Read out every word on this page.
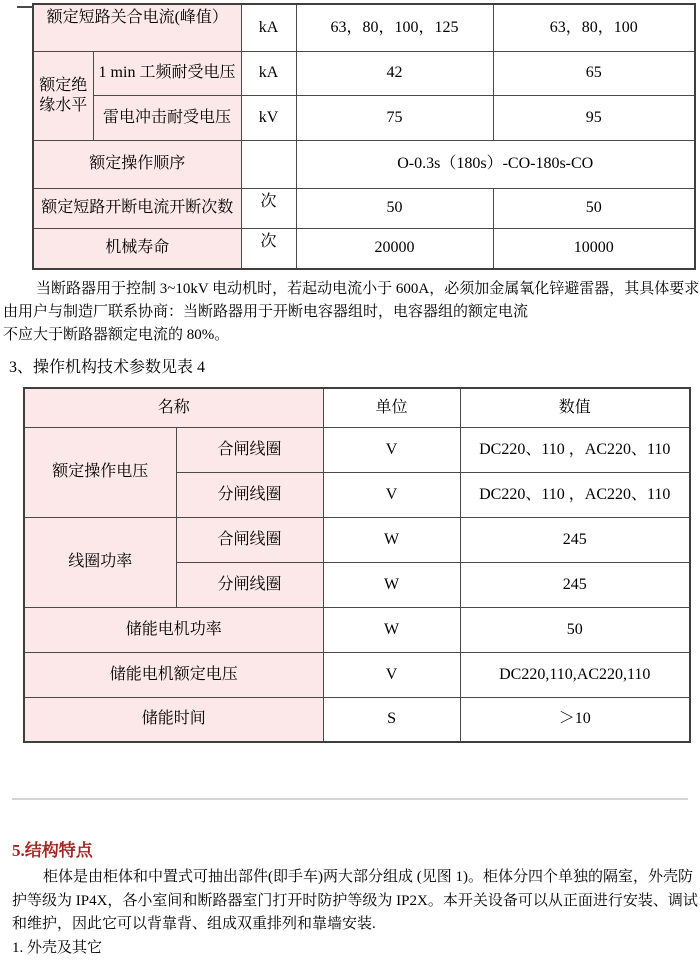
额定短路关合电流(峰值）		kA	63，80，100，125	63，80，100
额定绝缘水平	1 min 工频耐受电压	kA	42	65
	雷电冲击耐受电压	kV	75	95
额定操作顺序			O-0.3s（180s）-CO-180s-CO	
额定短路开断电流开断次数		次	50	50
机械寿命		次	20000	10000
当断路器用于控制 3~10kV 电动机时，若起动电流小于 600A，必须加金属氧化锌避雷器，其具体要求
由用户与制造厂联系协商：当断路器用于开断电容器组时，电容器组的额定电流
不应大于断路器额定电流的 80%。
3、操作机构技术参数见表 4
名称		单位	数值
额定操作电压	合闸线圈	V	DC220、110 ，AC220、110
	分闸线圈	V	DC220、110 ，AC220、110
线圈功率	合闸线圈	W	245
	分闸线圈	W	245
储能电机功率		W	50
储能电机额定电压		V	DC220,110,AC220,110
储能时间		S	＞10
5.结构特点
柜体是由柜体和中置式可抽出部件(即手车)两大部分组成 (见图 1)。柜体分四个单独的隔室，外壳防
护等级为 IP4X，各小室间和断路器室门打开时防护等级为 IP2X。本开关设备可以从正面进行安装、调试
和维护，因此它可以背靠背、组成双重排列和靠墙安装.
1. 外壳及其它
